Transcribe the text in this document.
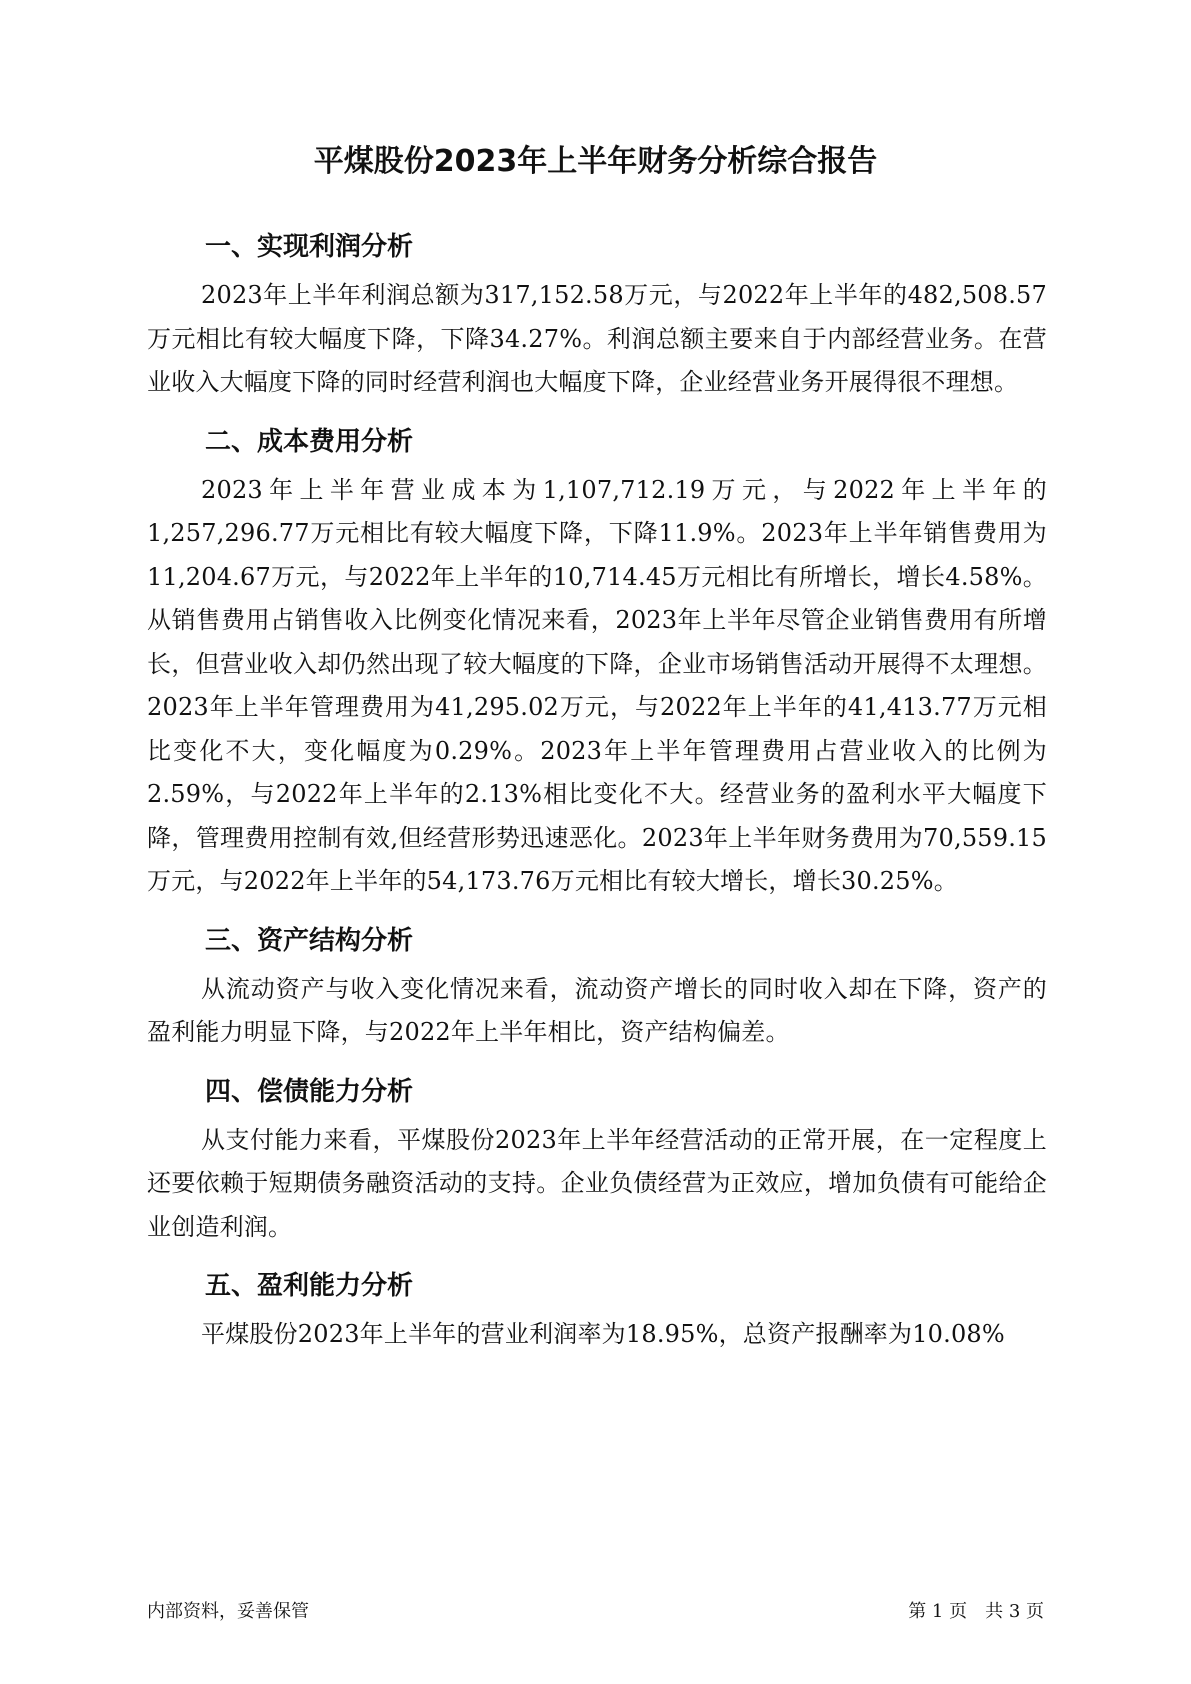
平煤股份2023年上半年财务分析综合报告
一、实现利润分析

2023年上半年利润总额为317,152.58万元，与2022年上半年的482,508.57万元相比有较大幅度下降，下降34.27%。利润总额主要来自于内部经营业务。在营业收入大幅度下降的同时经营利润也大幅度下降，企业经营业务开展得很不理想。

二、成本费用分析

2023年上半年营业成本为1,107,712.19万元，与2022年上半年的1,257,296.77万元相比有较大幅度下降，下降11.9%。2023年上半年销售费用为11,204.67万元，与2022年上半年的10,714.45万元相比有所增长，增长4.58%。从销售费用占销售收入比例变化情况来看，2023年上半年尽管企业销售费用有所增长，但营业收入却仍然出现了较大幅度的下降，企业市场销售活动开展得不太理想。2023年上半年管理费用为41,295.02万元，与2022年上半年的41,413.77万元相比变化不大，变化幅度为0.29%。2023年上半年管理费用占营业收入的比例为2.59%，与2022年上半年的2.13%相比变化不大。经营业务的盈利水平大幅度下降，管理费用控制有效,但经营形势迅速恶化。2023年上半年财务费用为70,559.15万元，与2022年上半年的54,173.76万元相比有较大增长，增长30.25%。

三、资产结构分析

从流动资产与收入变化情况来看，流动资产增长的同时收入却在下降，资产的盈利能力明显下降，与2022年上半年相比，资产结构偏差。

四、偿债能力分析

从支付能力来看，平煤股份2023年上半年经营活动的正常开展，在一定程度上还要依赖于短期债务融资活动的支持。企业负债经营为正效应，增加负债有可能给企业创造利润。

五、盈利能力分析

平煤股份2023年上半年的营业利润率为18.95%，总资产报酬率为10.08%

内部资料，妥善保管	第 1 页　共 3 页
